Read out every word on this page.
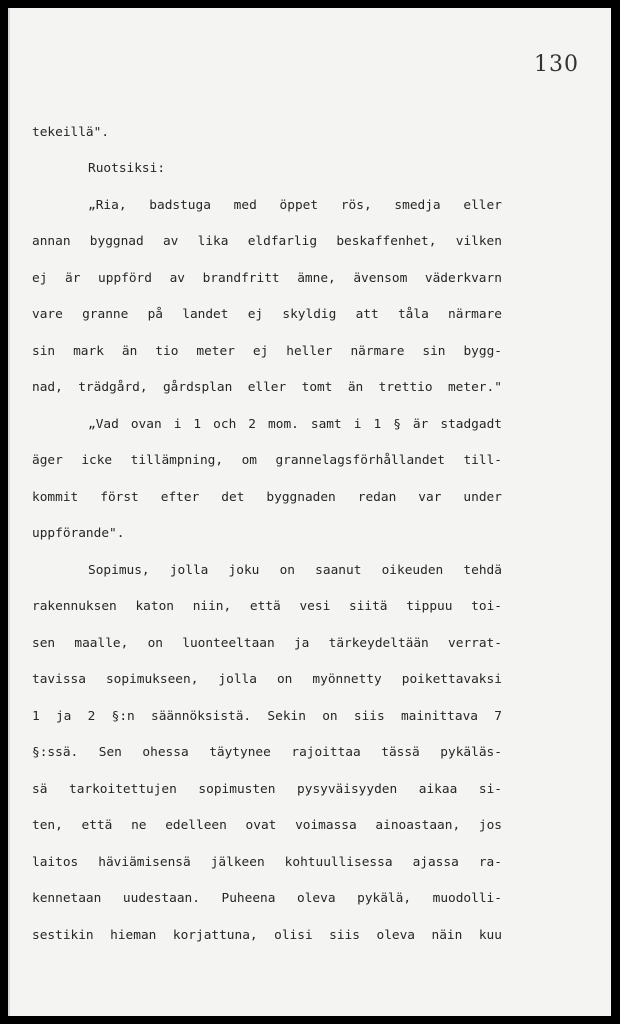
130
tekeillä".
Ruotsiksi:
„Ria, badstuga med öppet rös, smedja eller
annan byggnad av lika eldfarlig beskaffenhet, vilken
ej är uppförd av brandfritt ämne, ävensom väderkvarn
vare granne på landet ej skyldig att tåla närmare
sin mark än tio meter ej heller närmare sin bygg-
nad, trädgård, gårdsplan eller tomt än trettio meter."
„Vad ovan i 1 och 2 mom. samt i 1 § är stadgadt
äger icke tillämpning, om grannelagsförhållandet till-
kommit först efter det byggnaden redan var under
uppförande".
Sopimus, jolla joku on saanut oikeuden tehdä
rakennuksen katon niin, että vesi siitä tippuu toi-
sen maalle, on luonteeltaan ja tärkeydeltään verrat-
tavissa sopimukseen, jolla on myönnetty poikettavaksi
1 ja 2 §:n säännöksistä. Sekin on siis mainittava 7
§:ssä. Sen ohessa täytynee rajoittaa tässä pykäläs-
sä tarkoitettujen sopimusten pysyväisyyden aikaa si-
ten, että ne edelleen ovat voimassa ainoastaan, jos
laitos häviämisensä jälkeen kohtuullisessa ajassa ra-
kennetaan uudestaan. Puheena oleva pykälä, muodolli-
sestikin hieman korjattuna, olisi siis oleva näin kuu
